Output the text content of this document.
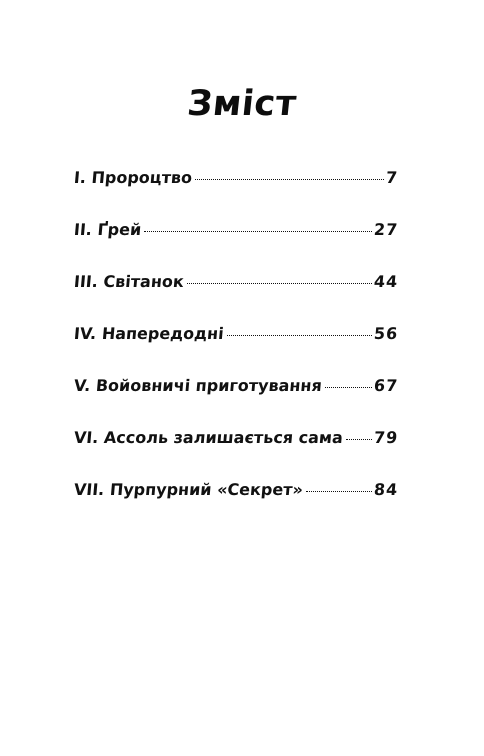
Зміст
I. Пророцтво	7
II. Ґрей	27
III. Світанок	44
IV. Напередодні	56
V. Войовничі приготування	67
VI. Ассоль залишається сама 79
VII. Пурпурний «Секрет»	84
